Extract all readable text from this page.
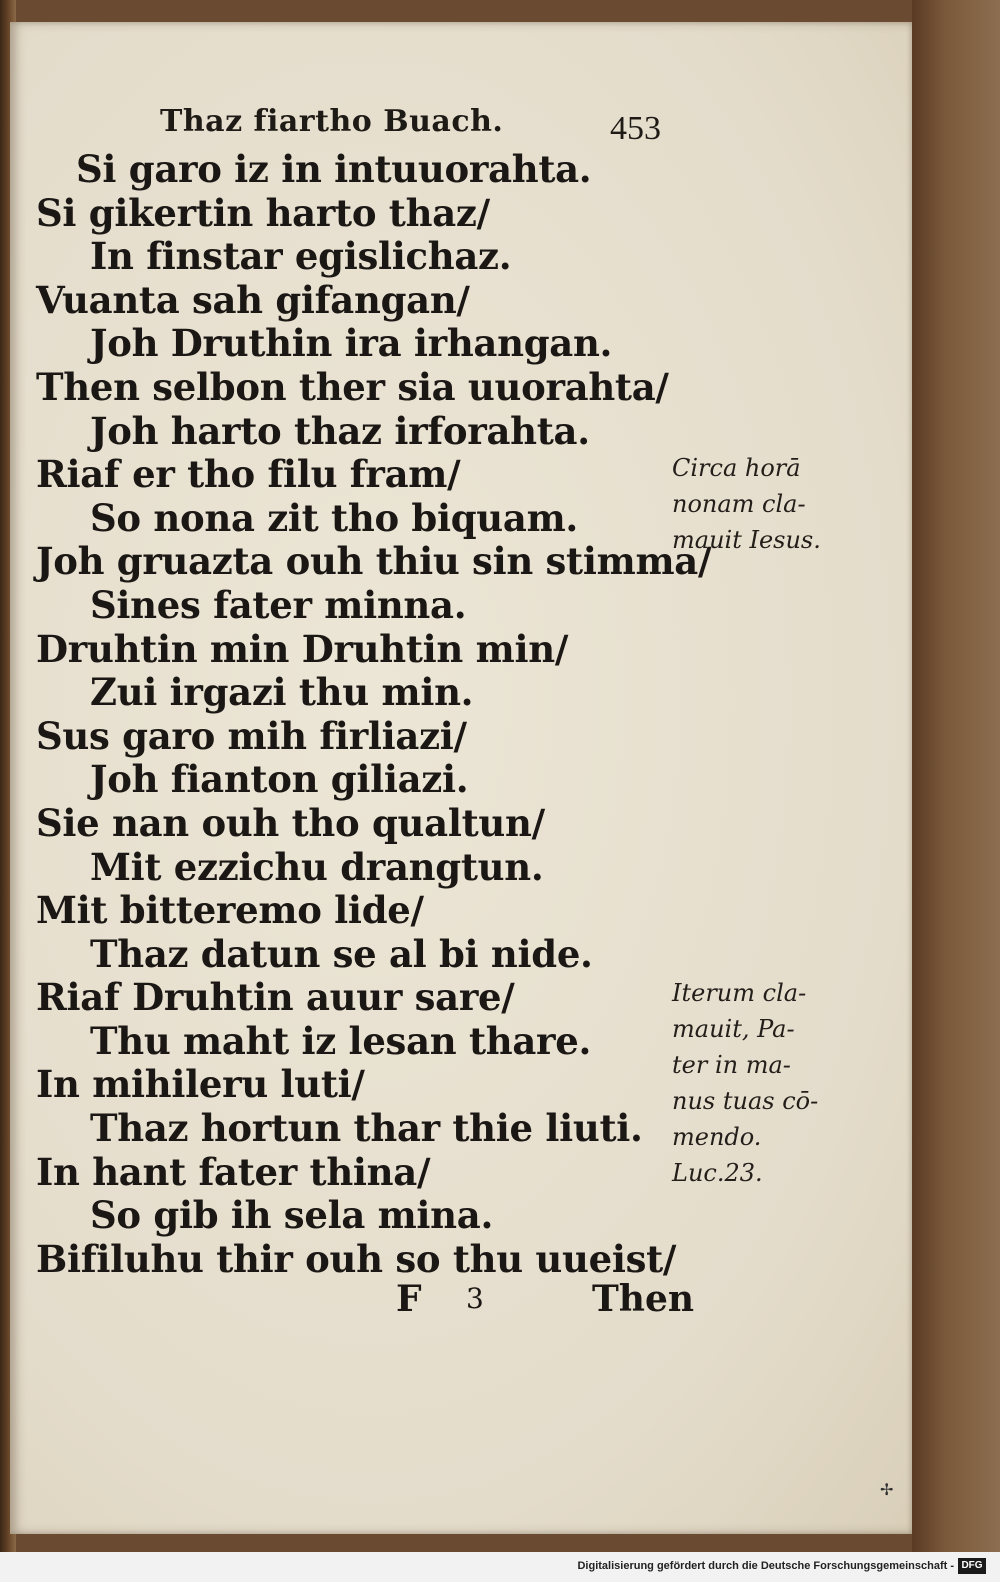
Thaz fiartho Buach.	453
Si garo iz in intuuorahta.
Si gikertin harto thaz/
In finstar egislichaz.
Vuanta sah gifangan/
Joh Druthin ira irhangan.
Then selbon ther sia uuorahta/
Joh harto thaz irforahta.
Riaf er tho filu fram/
So nona zit tho biquam.
Joh gruazta ouh thiu sin stimma/
Sines fater minna.
Druhtin min Druhtin min/
Zui irgazi thu min.
Sus garo mih firliazi/
Joh fianton giliazi.
Sie nan ouh tho qualtun/
Mit ezzichu drangtun.
Mit bitteremo lide/
Thaz datun se al bi nide.
Riaf Druhtin auur sare/
Thu maht iz lesan thare.
In mihileru luti/
Thaz hortun thar thie liuti.
In hant fater thina/
So gib ih sela mina.
Bifiluhu thir ouh so thu uueist/
Circa horā
nonam cla-
mauit Iesus.
Iterum cla-
mauit, Pa-
ter in ma-
nus tuas cō-
mendo.
Luc.23.
F 3	Then
✢
Digitalisierung gefördert durch die Deutsche Forschungsgemeinschaft - DFG
